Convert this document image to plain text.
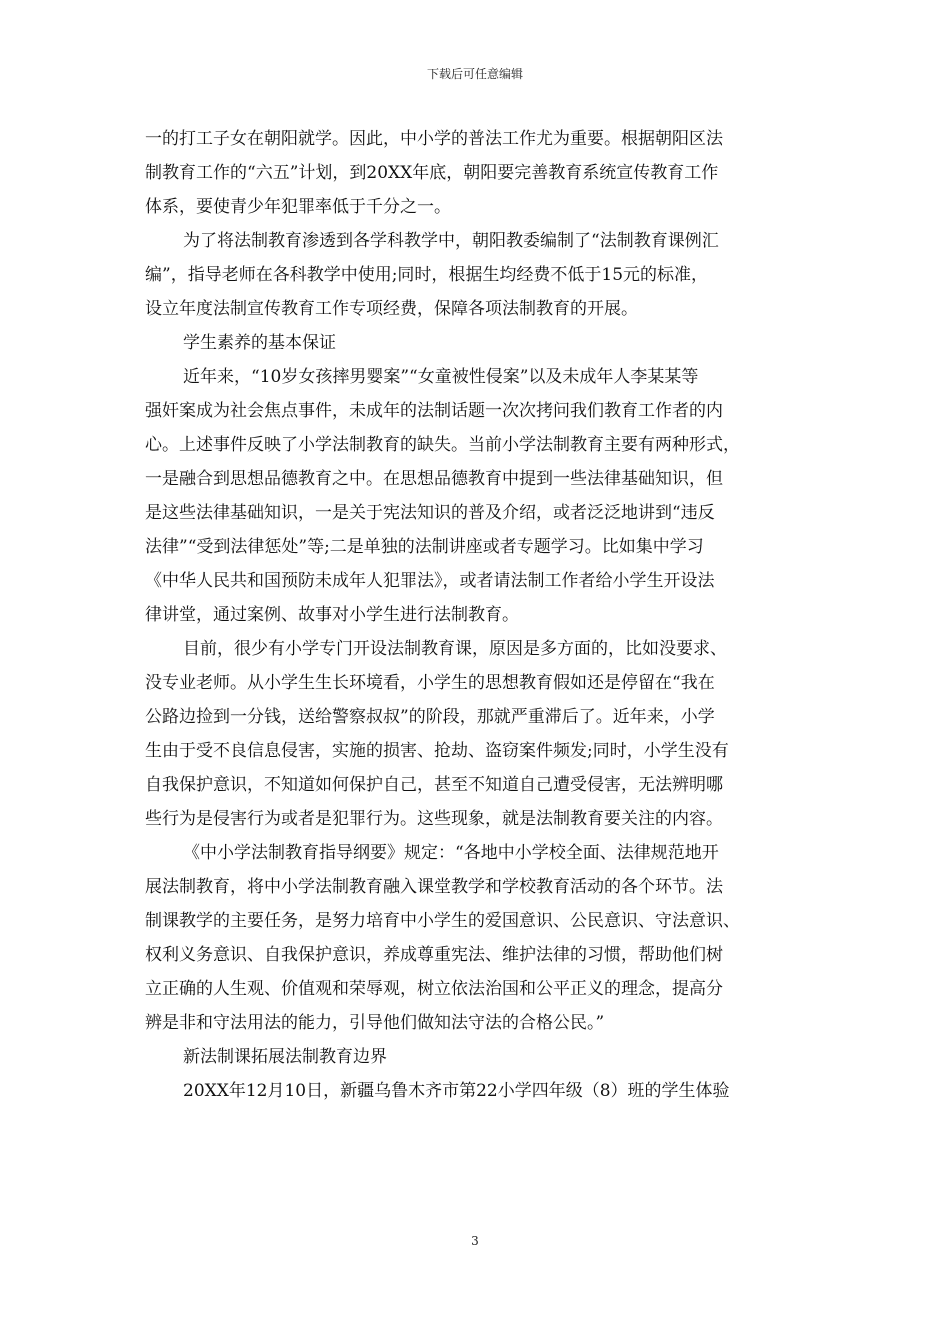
下载后可任意编辑
一的打工子女在朝阳就学。因此，中小学的普法工作尤为重要。根据朝阳区法
制教育工作的“六五”计划，到20XX年底，朝阳要完善教育系统宣传教育工作
体系，要使青少年犯罪率低于千分之一。
为了将法制教育渗透到各学科教学中，朝阳教委编制了“法制教育课例汇
编”，指导老师在各科教学中使用;同时，根据生均经费不低于15元的标准，
设立年度法制宣传教育工作专项经费，保障各项法制教育的开展。
学生素养的基本保证
近年来，“10岁女孩摔男婴案”“女童被性侵案”以及未成年人李某某等
强奸案成为社会焦点事件，未成年的法制话题一次次拷问我们教育工作者的内
心。上述事件反映了小学法制教育的缺失。当前小学法制教育主要有两种形式，
一是融合到思想品德教育之中。在思想品德教育中提到一些法律基础知识，但
是这些法律基础知识，一是关于宪法知识的普及介绍，或者泛泛地讲到“违反
法律”“受到法律惩处”等;二是单独的法制讲座或者专题学习。比如集中学习
《中华人民共和国预防未成年人犯罪法》，或者请法制工作者给小学生开设法
律讲堂，通过案例、故事对小学生进行法制教育。
目前，很少有小学专门开设法制教育课，原因是多方面的，比如没要求、
没专业老师。从小学生生长环境看，小学生的思想教育假如还是停留在“我在
公路边捡到一分钱，送给警察叔叔”的阶段，那就严重滞后了。近年来，小学
生由于受不良信息侵害，实施的损害、抢劫、盗窃案件频发;同时，小学生没有
自我保护意识，不知道如何保护自己，甚至不知道自己遭受侵害，无法辨明哪
些行为是侵害行为或者是犯罪行为。这些现象，就是法制教育要关注的内容。
《中小学法制教育指导纲要》规定：“各地中小学校全面、法律规范地开
展法制教育，将中小学法制教育融入课堂教学和学校教育活动的各个环节。法
制课教学的主要任务，是努力培育中小学生的爱国意识、公民意识、守法意识、
权利义务意识、自我保护意识，养成尊重宪法、维护法律的习惯，帮助他们树
立正确的人生观、价值观和荣辱观，树立依法治国和公平正义的理念，提高分
辨是非和守法用法的能力，引导他们做知法守法的合格公民。”
新法制课拓展法制教育边界
20XX年12月10日，新疆乌鲁木齐市第22小学四年级（8）班的学生体验
3
